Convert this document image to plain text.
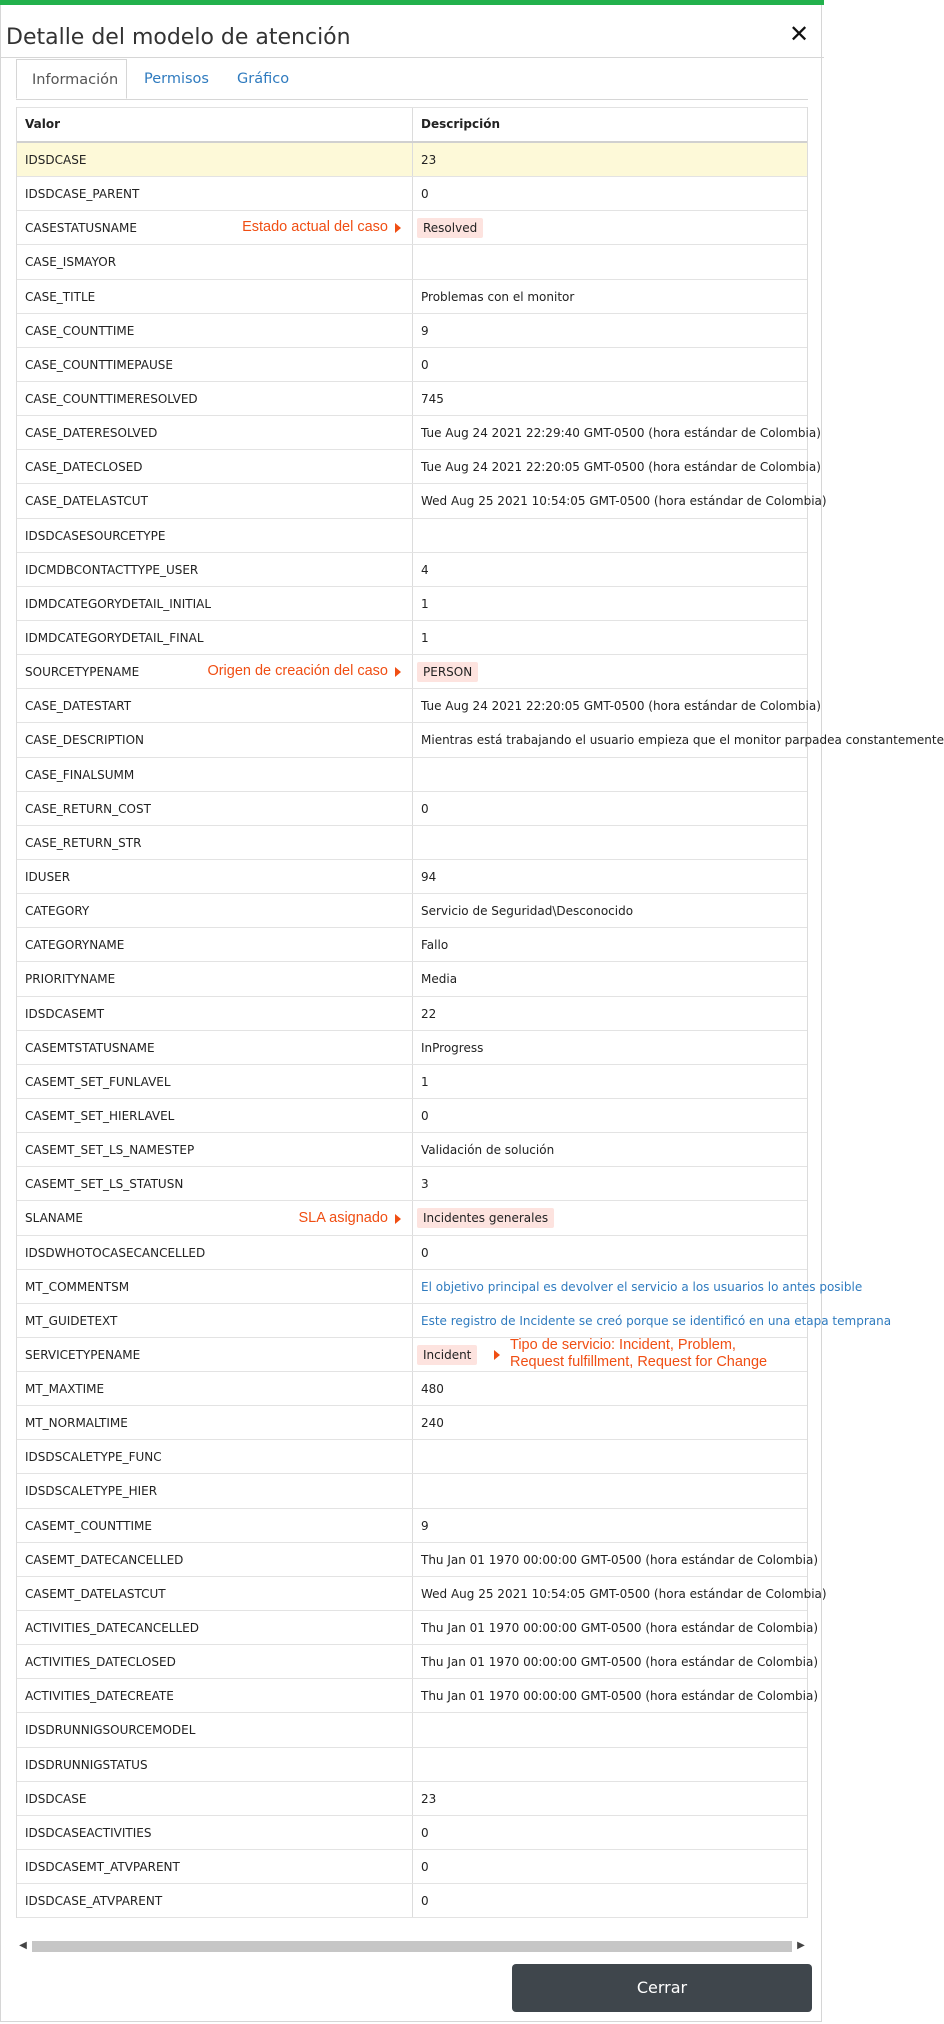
Detalle del modelo de atención	✕
Información	Permisos	Gráfico
Valor	Descripción
IDSDCASE	23
IDSDCASE_PARENT	0
CASESTATUSNAME	Resolved
CASE_ISMAYOR
CASE_TITLE	Problemas con el monitor
CASE_COUNTTIME	9
CASE_COUNTTIMEPAUSE	0
CASE_COUNTTIMERESOLVED	745
CASE_DATERESOLVED	Tue Aug 24 2021 22:29:40 GMT-0500 (hora estándar de Colombia)
CASE_DATECLOSED	Tue Aug 24 2021 22:20:05 GMT-0500 (hora estándar de Colombia)
CASE_DATELASTCUT	Wed Aug 25 2021 10:54:05 GMT-0500 (hora estándar de Colombia)
IDSDCASESOURCETYPE
IDCMDBCONTACTTYPE_USER	4
IDMDCATEGORYDETAIL_INITIAL	1
IDMDCATEGORYDETAIL_FINAL	1
SOURCETYPENAME	PERSON
CASE_DATESTART	Tue Aug 24 2021 22:20:05 GMT-0500 (hora estándar de Colombia)
CASE_DESCRIPTION	Mientras está trabajando el usuario empieza que el monitor parpadea constantemente
CASE_FINALSUMM
CASE_RETURN_COST	0
CASE_RETURN_STR
IDUSER	94
CATEGORY	Servicio de Seguridad\Desconocido
CATEGORYNAME	Fallo
PRIORITYNAME	Media
IDSDCASEMT	22
CASEMTSTATUSNAME	InProgress
CASEMT_SET_FUNLAVEL	1
CASEMT_SET_HIERLAVEL	0
CASEMT_SET_LS_NAMESTEP	Validación de solución
CASEMT_SET_LS_STATUSN	3
SLANAME	Incidentes generales
IDSDWHOTOCASECANCELLED	0
MT_COMMENTSM	El objetivo principal es devolver el servicio a los usuarios lo antes posible
MT_GUIDETEXT	Este registro de Incidente se creó porque se identificó en una etapa temprana
SERVICETYPENAME	Incident
MT_MAXTIME	480
MT_NORMALTIME	240
IDSDSCALETYPE_FUNC
IDSDSCALETYPE_HIER
CASEMT_COUNTTIME	9
CASEMT_DATECANCELLED	Thu Jan 01 1970 00:00:00 GMT-0500 (hora estándar de Colombia)
CASEMT_DATELASTCUT	Wed Aug 25 2021 10:54:05 GMT-0500 (hora estándar de Colombia)
ACTIVITIES_DATECANCELLED	Thu Jan 01 1970 00:00:00 GMT-0500 (hora estándar de Colombia)
ACTIVITIES_DATECLOSED	Thu Jan 01 1970 00:00:00 GMT-0500 (hora estándar de Colombia)
ACTIVITIES_DATECREATE	Thu Jan 01 1970 00:00:00 GMT-0500 (hora estándar de Colombia)
IDSDRUNNIGSOURCEMODEL
IDSDRUNNIGSTATUS
IDSDCASE	23
IDSDCASEACTIVITIES	0
IDSDCASEMT_ATVPARENT	0
IDSDCASE_ATVPARENT	0
Estado actual del caso
Origen de creación del caso
SLA asignado
Tipo de servicio: Incident, Problem,
Request fulfillment, Request for Change
◀	▶
Cerrar
